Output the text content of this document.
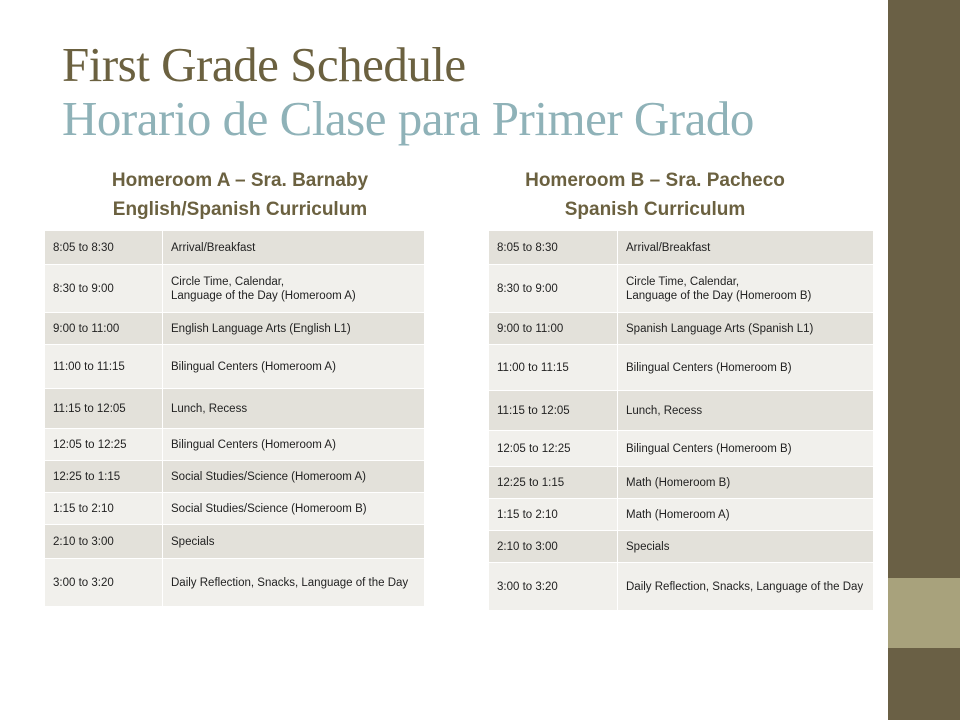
First Grade Schedule
Horario de Clase para Primer Grado
Homeroom A – Sra. Barnaby
English/Spanish Curriculum
Homeroom B – Sra. Pacheco
Spanish Curriculum
8:05 to 8:30	Arrival/Breakfast
8:30 to 9:00	Circle Time, Calendar,
Language of the Day (Homeroom A)
9:00 to 11:00	English Language Arts (English L1)
11:00 to 11:15	Bilingual Centers (Homeroom A)
11:15 to 12:05	Lunch, Recess
12:05 to 12:25	Bilingual Centers (Homeroom A)
12:25 to 1:15	Social Studies/Science (Homeroom A)
1:15 to 2:10	Social Studies/Science (Homeroom B)
2:10 to 3:00	Specials
3:00 to 3:20	Daily Reflection, Snacks, Language of the Day
8:05 to 8:30	Arrival/Breakfast
8:30 to 9:00	Circle Time, Calendar,
Language of the Day (Homeroom B)
9:00 to 11:00	Spanish Language Arts (Spanish L1)
11:00 to 11:15	Bilingual Centers (Homeroom B)
11:15 to 12:05	Lunch, Recess
12:05 to 12:25	Bilingual Centers (Homeroom B)
12:25 to 1:15	Math (Homeroom B)
1:15 to 2:10	Math (Homeroom A)
2:10 to 3:00	Specials
3:00 to 3:20	Daily Reflection, Snacks, Language of the Day
